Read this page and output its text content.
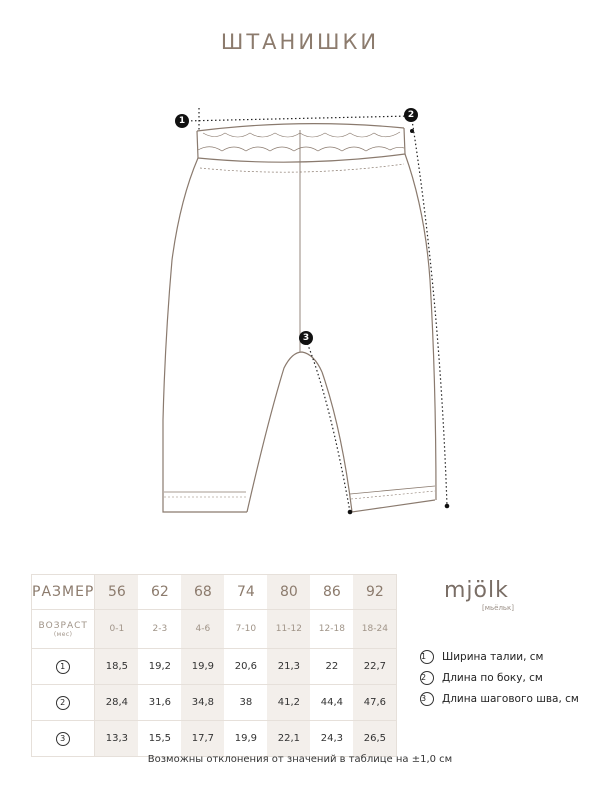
ШТАНИШКИ
1
2
3
РАЗМЕР	56	62	68	74	80	86	92
ВОЗРАСТ
(мес)	0-1	2-3	4-6	7-10	11-12	12-18	18-24
1	18,5	19,2	19,9	20,6	21,3	22	22,7
2	28,4	31,6	34,8	38	41,2	44,4	47,6
3	13,3	15,5	17,7	19,9	22,1	24,3	26,5
mjölk
[мьёльк]
1	Ширина талии, см
2	Длина по боку, см
3	Длина шагового шва, см
Возможны отклонения от значений в таблице на ±1,0 см
